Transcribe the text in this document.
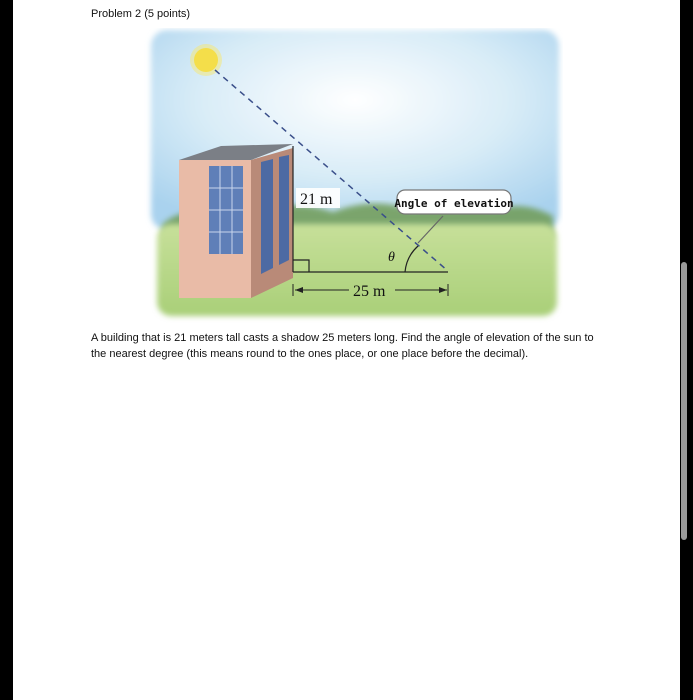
Problem 2 (5 points)
21 m
25 m
θ
Angle of elevation

A building that is 21 meters tall casts a shadow 25 meters long. Find the angle of elevation of the sun to the nearest degree (this means round to the ones place, or one place before the decimal).
